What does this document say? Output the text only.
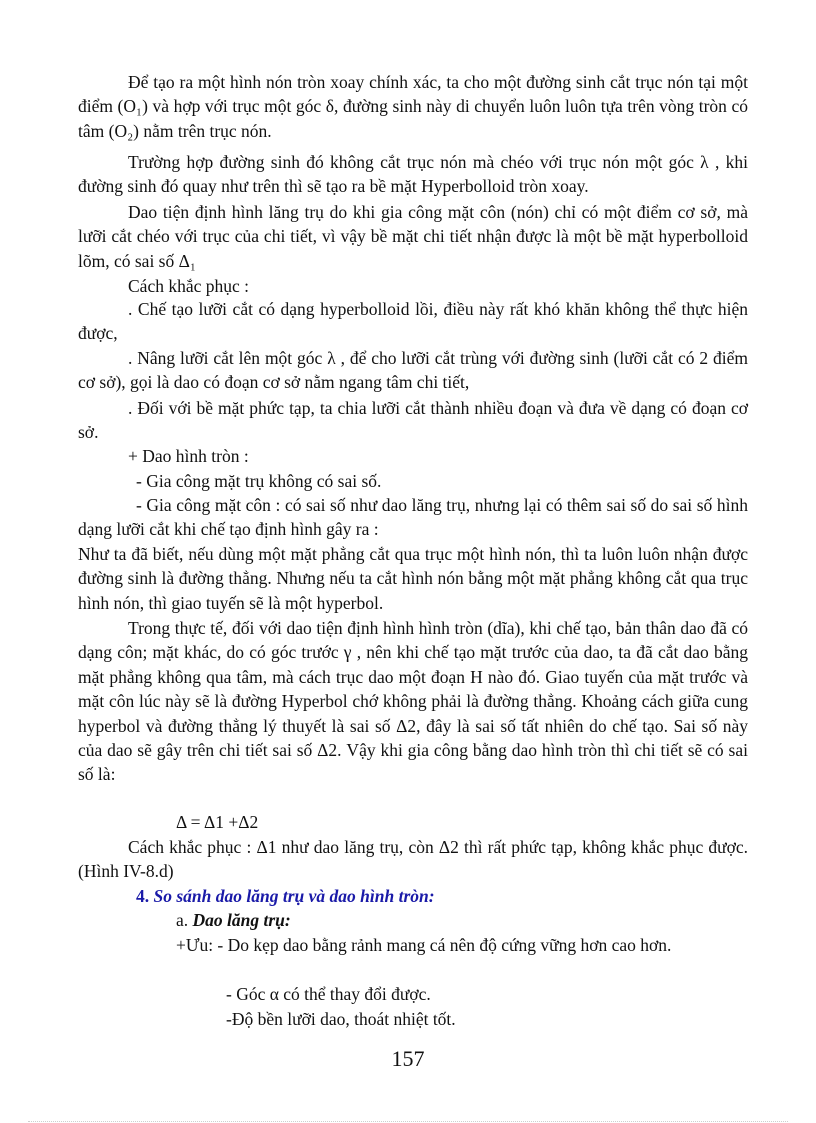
Để tạo ra một hình nón tròn xoay chính xác, ta cho một đường sinh cắt trục nón tại một điểm (O₁) và hợp với trục một góc δ, đường sinh này di chuyển luôn luôn tựa trên vòng tròn có tâm (O₂) nằm trên trục nón.

Trường hợp đường sinh đó không cắt trục nón mà chéo với trục nón một góc λ , khi đường sinh đó quay như trên thì sẽ tạo ra bề mặt Hyperbolloid tròn xoay.

Dao tiện định hình lăng trụ do khi gia công mặt côn (nón) chỉ có một điểm cơ sở, mà lưỡi cắt chéo với trục của chi tiết, vì vậy bề mặt chi tiết nhận được là một bề mặt hyperbolloid lõm, có sai số Δ₁

Cách khắc phục :

. Chế tạo lưỡi cắt có dạng hyperbolloid lồi, điều này rất khó khăn không thể thực hiện được,

. Nâng lưỡi cắt lên một góc λ , để cho lưỡi cắt trùng với đường sinh (lưỡi cắt có 2 điểm cơ sở), gọi là dao có đoạn cơ sở nằm ngang tâm chi tiết,

. Đối với bề mặt phức tạp, ta chia lưỡi cắt thành nhiều đoạn và đưa về dạng có đoạn cơ sở.

+ Dao hình tròn :

- Gia công mặt trụ không có sai số.

- Gia công mặt côn : có sai số như dao lăng trụ, nhưng lại có thêm sai số do sai số hình dạng lưỡi cắt khi chế tạo định hình gây ra :

Như ta đã biết, nếu dùng một mặt phẳng cắt qua trục một hình nón, thì ta luôn luôn nhận được đường sinh là đường thẳng. Nhưng nếu ta cắt hình nón bằng một mặt phẳng không cắt qua trục hình nón, thì giao tuyến sẽ là một hyperbol.

Trong thực tế, đối với dao tiện định hình hình tròn (dĩa), khi chế tạo, bản thân dao đã có dạng côn; mặt khác, do có góc trước γ , nên khi chế tạo mặt trước của dao, ta đã cắt dao bằng mặt phẳng không qua tâm, mà cách trục dao một đoạn H nào đó. Giao tuyến của mặt trước và mặt côn lúc này sẽ là đường Hyperbol chớ không phải là đường thẳng. Khoảng cách giữa cung hyperbol và đường thẳng lý thuyết là sai số Δ2, đây là sai số tất nhiên do chế tạo. Sai số này của dao sẽ gây trên chi tiết sai số Δ2. Vậy khi gia công bằng dao hình tròn thì chi tiết sẽ có sai số là:

Δ = Δ1 +Δ2

Cách khắc phục : Δ1 như dao lăng trụ, còn Δ2 thì rất phức tạp, không khắc phục được. (Hình IV-8.d)

4. So sánh dao lăng trụ và dao hình tròn:

a. Dao lăng trụ:

+Ưu: - Do kẹp dao bằng rảnh mang cá nên độ cứng vững hơn cao hơn.

- Góc α có thể thay đổi được.

-Độ bền lưỡi dao, thoát nhiệt tốt.

157
